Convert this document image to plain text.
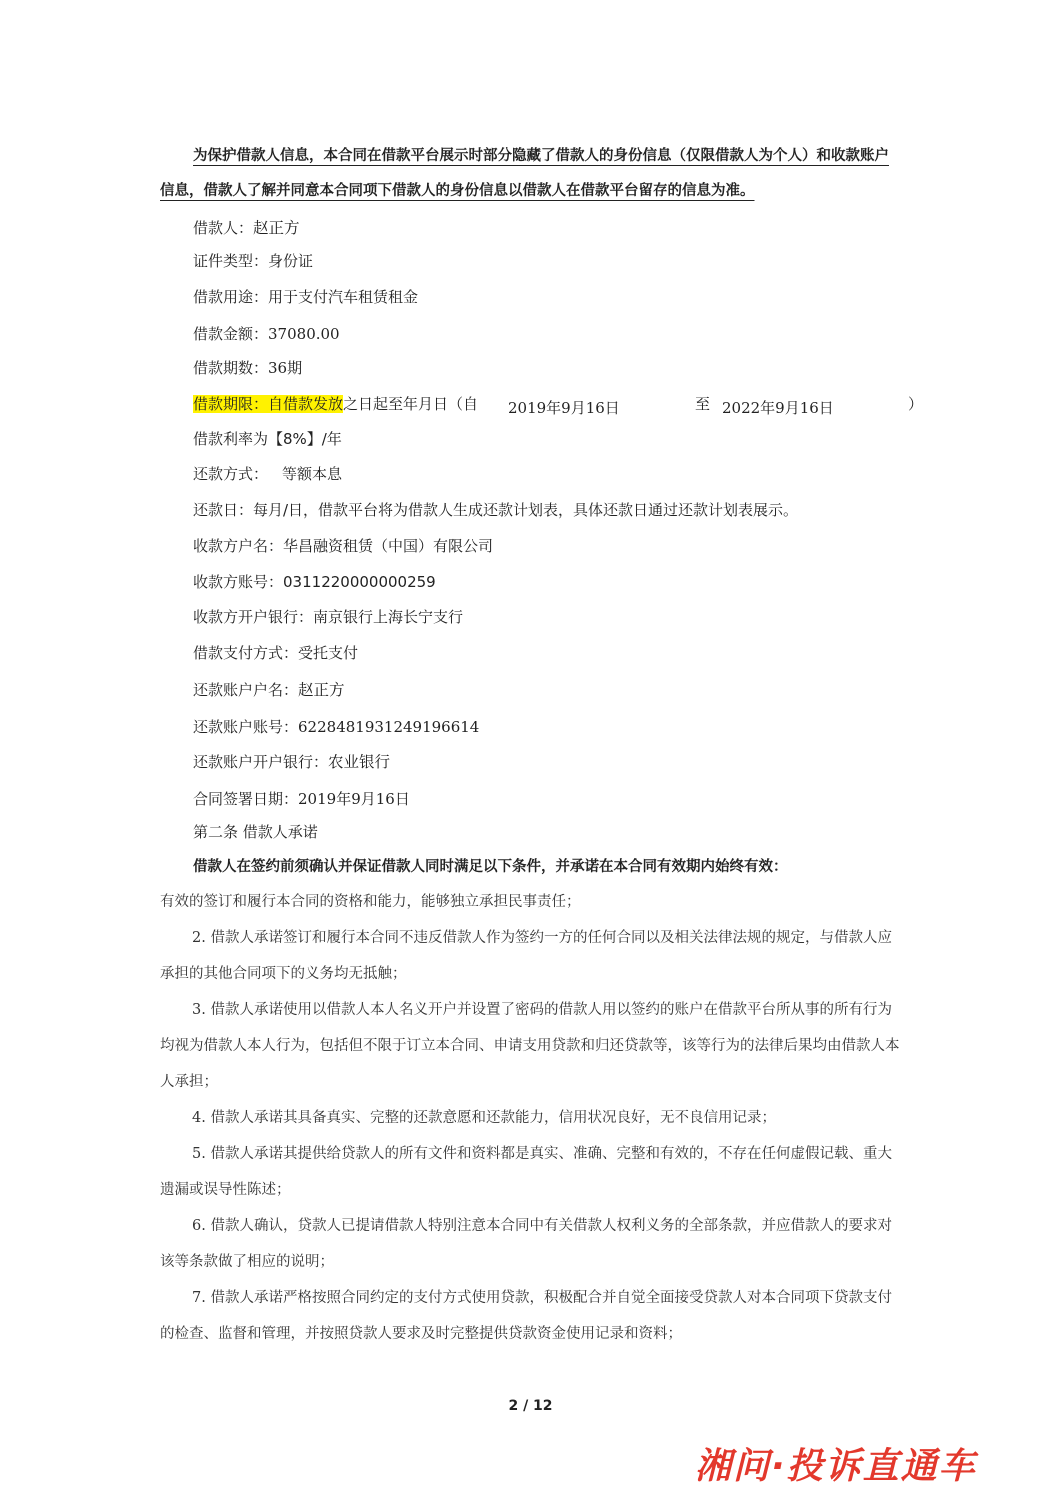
为保护借款人信息，本合同在借款平台展示时部分隐藏了借款人的身份信息（仅限借款人为个人）和收款账户
信息，借款人了解并同意本合同项下借款人的身份信息以借款人在借款平台留存的信息为准。
借款人：赵正方
证件类型：身份证
借款用途：用于支付汽车租赁租金
借款金额：37080.00
借款期数：36期
借款期限：自借款发放之日起至年月日（自 2019年9月16日	至 2022年9月16日	）
借款利率为【8%】/年
还款方式： 等额本息
还款日：每月/日，借款平台将为借款人生成还款计划表，具体还款日通过还款计划表展示。
收款方户名：华昌融资租赁（中国）有限公司
收款方账号：0311220000000259
收款方开户银行：南京银行上海长宁支行
借款支付方式：受托支付
还款账户户名：赵正方
还款账户账号：6228481931249196614
还款账户开户银行：农业银行
合同签署日期：2019年9月16日
第二条 借款人承诺
借款人在签约前须确认并保证借款人同时满足以下条件，并承诺在本合同有效期内始终有效：
有效的签订和履行本合同的资格和能力，能够独立承担民事责任；
2. 借款人承诺签订和履行本合同不违反借款人作为签约一方的任何合同以及相关法律法规的规定，与借款人应
承担的其他合同项下的义务均无抵触；
3. 借款人承诺使用以借款人本人名义开户并设置了密码的借款人用以签约的账户在借款平台所从事的所有行为
均视为借款人本人行为，包括但不限于订立本合同、申请支用贷款和归还贷款等，该等行为的法律后果均由借款人本
人承担；
4. 借款人承诺其具备真实、完整的还款意愿和还款能力，信用状况良好，无不良信用记录；
5. 借款人承诺其提供给贷款人的所有文件和资料都是真实、准确、完整和有效的，不存在任何虚假记载、重大
遗漏或误导性陈述；
6. 借款人确认，贷款人已提请借款人特别注意本合同中有关借款人权利义务的全部条款，并应借款人的要求对
该等条款做了相应的说明；
7. 借款人承诺严格按照合同约定的支付方式使用贷款，积极配合并自觉全面接受贷款人对本合同项下贷款支付
的检查、监督和管理，并按照贷款人要求及时完整提供贷款资金使用记录和资料；
2 / 12
湘问·投诉直通车
